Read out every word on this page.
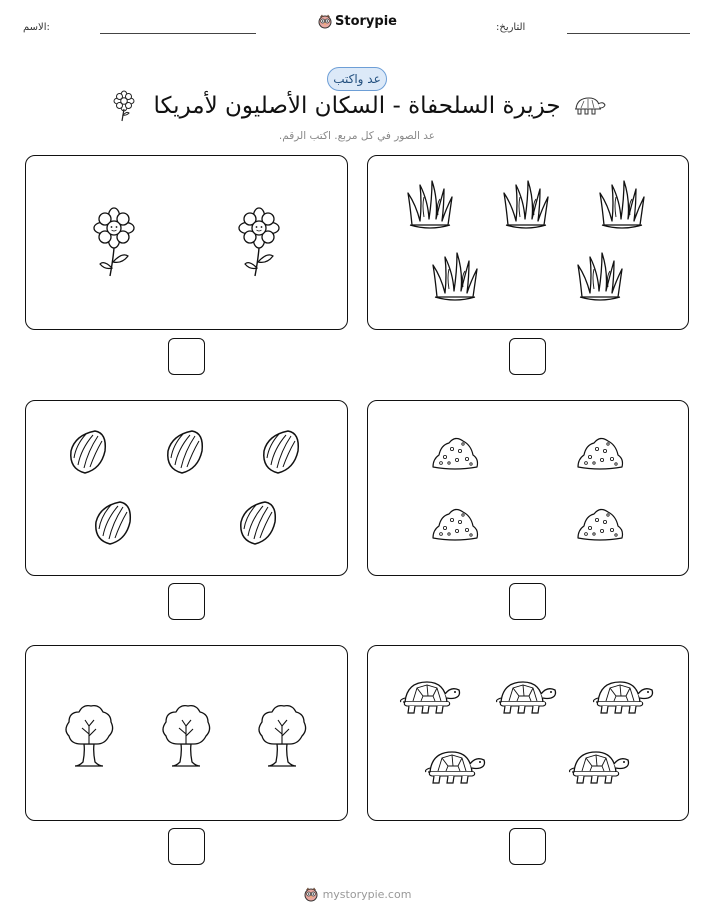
الاسم:	التاريخ:
Storypie
عد واكتب
جزيرة السلحفاة - السكان الأصليون لأمريكا
عد الصور في كل مربع. اكتب الرقم.
mystorypie.com
